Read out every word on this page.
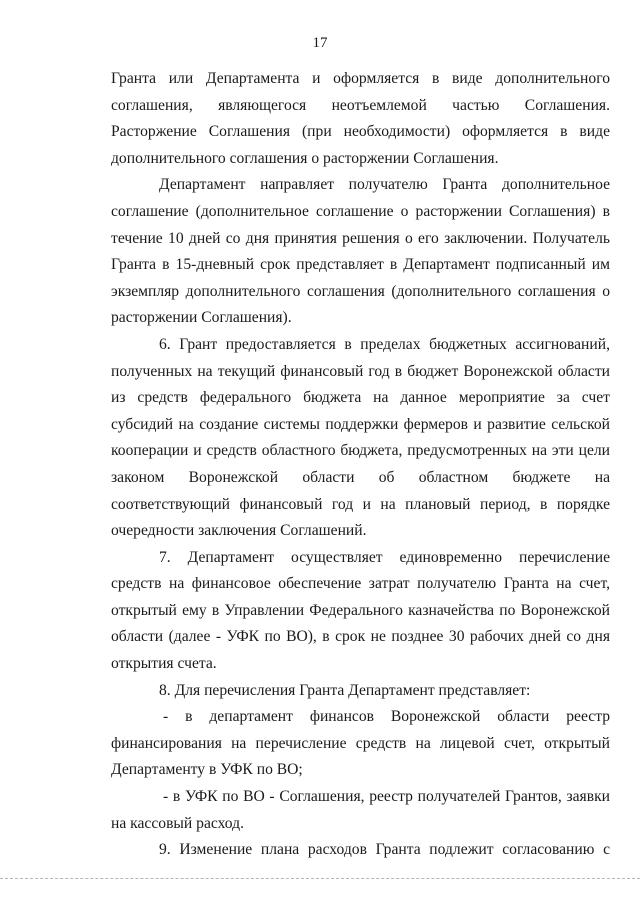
17

Гранта или Департамента и оформляется в виде дополнительного соглашения, являющегося неотъемлемой частью Соглашения. Расторжение Соглашения (при необходимости) оформляется в виде дополнительного соглашения о расторжении Соглашения.

Департамент направляет получателю Гранта дополнительное соглашение (дополнительное соглашение о расторжении Соглашения) в течение 10 дней со дня принятия решения о его заключении. Получатель Гранта в 15-дневный срок представляет в Департамент подписанный им экземпляр дополнительного соглашения (дополнительного соглашения о расторжении Соглашения).

6. Грант предоставляется в пределах бюджетных ассигнований, полученных на текущий финансовый год в бюджет Воронежской области из средств федерального бюджета на данное мероприятие за счет субсидий на создание системы поддержки фермеров и развитие сельской кооперации и средств областного бюджета, предусмотренных на эти цели законом Воронежской области об областном бюджете на соответствующий финансовый год и на плановый период, в порядке очередности заключения Соглашений.

7. Департамент осуществляет единовременно перечисление средств на финансовое обеспечение затрат получателю Гранта на счет, открытый ему в Управлении Федерального казначейства по Воронежской области (далее - УФК по ВО), в срок не позднее 30 рабочих дней со дня открытия счета.

8. Для перечисления Гранта Департамент представляет:

- в департамент финансов Воронежской области реестр финансирования на перечисление средств на лицевой счет, открытый Департаменту в УФК по ВО;

- в УФК по ВО - Соглашения, реестр получателей Грантов, заявки на кассовый расход.

9. Изменение плана расходов Гранта подлежит согласованию с
